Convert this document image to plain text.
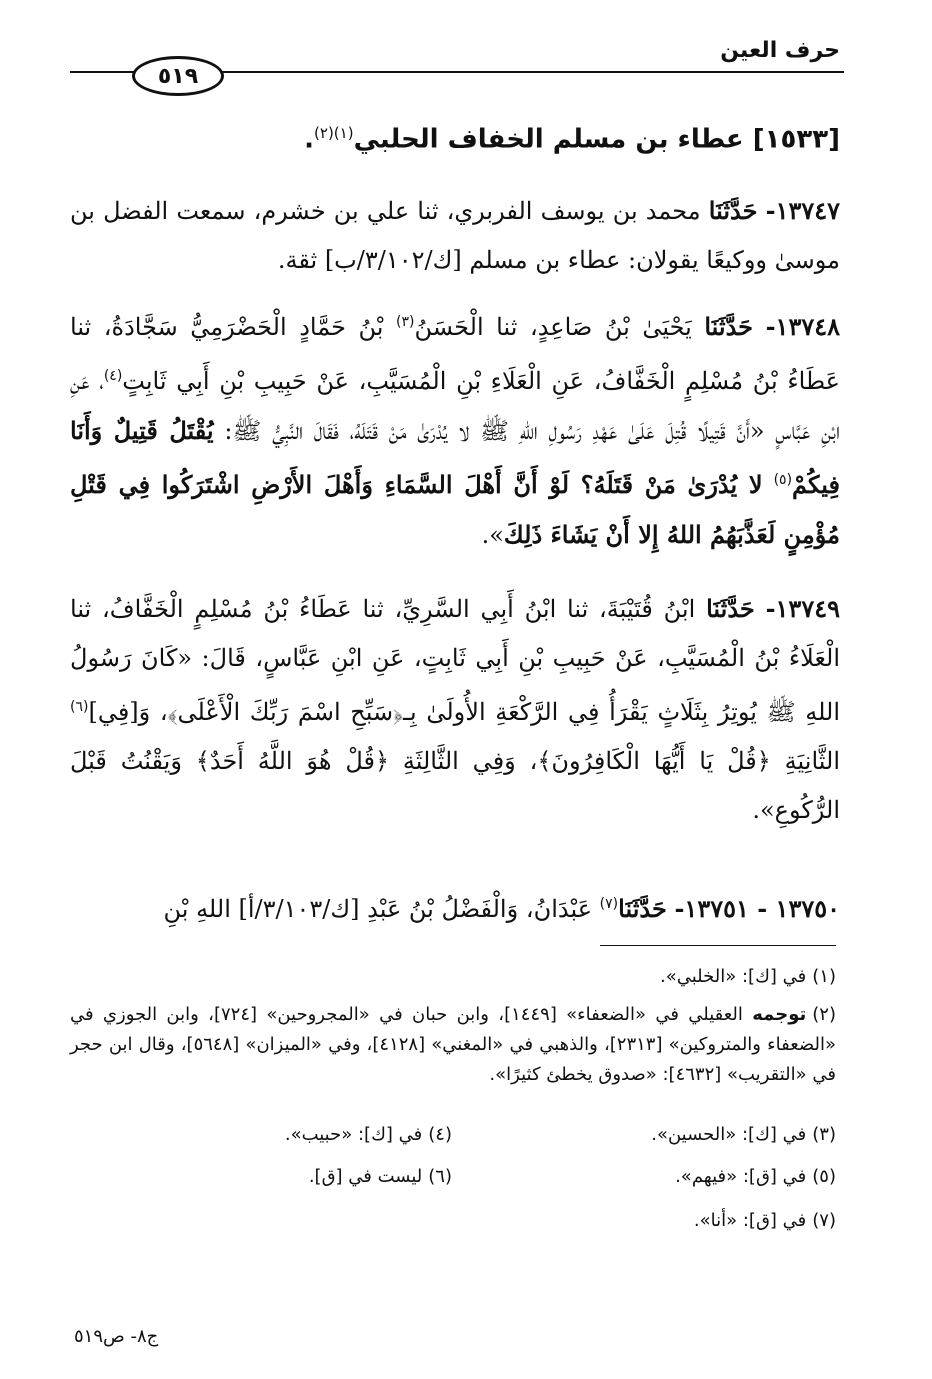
حرف العين
٥١٩
[١٥٣٣] عطاء بن مسلم الخفاف الحلبي$^{(١)(٢)}$.
١٣٧٤٧- حَدَّثَنَا محمد بن يوسف الفربري، ثنا علي بن خشرم، سمعت الفضل بن موسىٰ ووكيعًا يقولان: عطاء بن مسلم [ك/٣/١٠٢/ب] ثقة.
١٣٧٤٨- حَدَّثَنَا يَحْيَىٰ بْنُ صَاعِدٍ، ثنا الْحَسَنُ$^{(٣)}$ بْنُ حَمَّادٍ الْحَضْرَمِيُّ سَجَّادَةُ، ثنا عَطَاءُ بْنُ مُسْلِمٍ الْخَفَّافُ، عَنِ الْعَلَاءِ بْنِ الْمُسَيَّبِ، عَنْ حَبِيبِ بْنِ أَبِي ثَابِتٍ$^{(٤)}$، عَنِ ابْنِ عَبَّاسٍ «أَنَّ قَتِيلًا قُتِلَ عَلَىٰ عَهْدِ رَسُولِ اللهِ ﷺ لا يُدْرَىٰ مَنْ قَتَلَهُ، فَقَالَ النَّبِيُّ ﷺ: يُقْتَلُ قَتِيلٌ وَأَنَا فِيكُمْ$^{(٥)}$ لا يُدْرَىٰ مَنْ قَتَلَهُ؟ لَوْ أَنَّ أَهْلَ السَّمَاءِ وَأَهْلَ الأَرْضِ اشْتَرَكُوا فِي قَتْلِ مُؤْمِنٍ لَعَذَّبَهُمُ اللهُ إِلا أَنْ يَشَاءَ ذَلِكَ».
١٣٧٤٩- حَدَّثَنَا ابْنُ قُتَيْبَةَ، ثنا ابْنُ أَبِي السَّرِيِّ، ثنا عَطَاءُ بْنُ مُسْلِمٍ الْخَفَّافُ، ثنا الْعَلَاءُ بْنُ الْمُسَيَّبِ، عَنْ حَبِيبِ بْنِ أَبِي ثَابِتٍ، عَنِ ابْنِ عَبَّاسٍ، قَالَ: «كَانَ رَسُولُ اللهِ ﷺ يُوتِرُ بِثَلَاثٍ يَقْرَأُ فِي الرَّكْعَةِ الأُولَىٰ بِـ﴿سَبِّحِ اسْمَ رَبِّكَ الْأَعْلَى﴾، وَ[فِي]$^{(٦)}$ الثَّانِيَةِ ﴿قُلْ يَا أَيُّهَا الْكَافِرُونَ﴾، وَفِي الثَّالِثَةِ ﴿قُلْ هُوَ اللَّهُ أَحَدٌ﴾ وَيَقْنُتُ قَبْلَ الرُّكُوعِ».
١٣٧٥٠ - ١٣٧٥١- حَدَّثَنَا$^{(٧)}$ عَبْدَانُ، وَالْفَضْلُ بْنُ عَبْدِ [ك/٣/١٠٣/أ] اللهِ بْنِ
(١)في [ك]: «الخلبي».
(٢)توجمه العقيلي في «الضعفاء» [١٤٤٩]، وابن حبان في «المجروحين» [٧٢٤]، وابن الجوزي في «الضعفاء والمتروكين» [٢٣١٣]، والذهبي في «المغني» [٤١٢٨]، وفي «الميزان» [٥٦٤٨]، وقال ابن حجر في «التقريب» [٤٦٣٢]: «صدوق يخطئ كثيرًا».
(٣)في [ك]: «الحسين».
(٤)في [ك]: «حبيب».
(٥)في [ق]: «فيهم».
(٦)ليست في [ق].
(٧)في [ق]: «أنا».
ج٨- ص٥١٩
